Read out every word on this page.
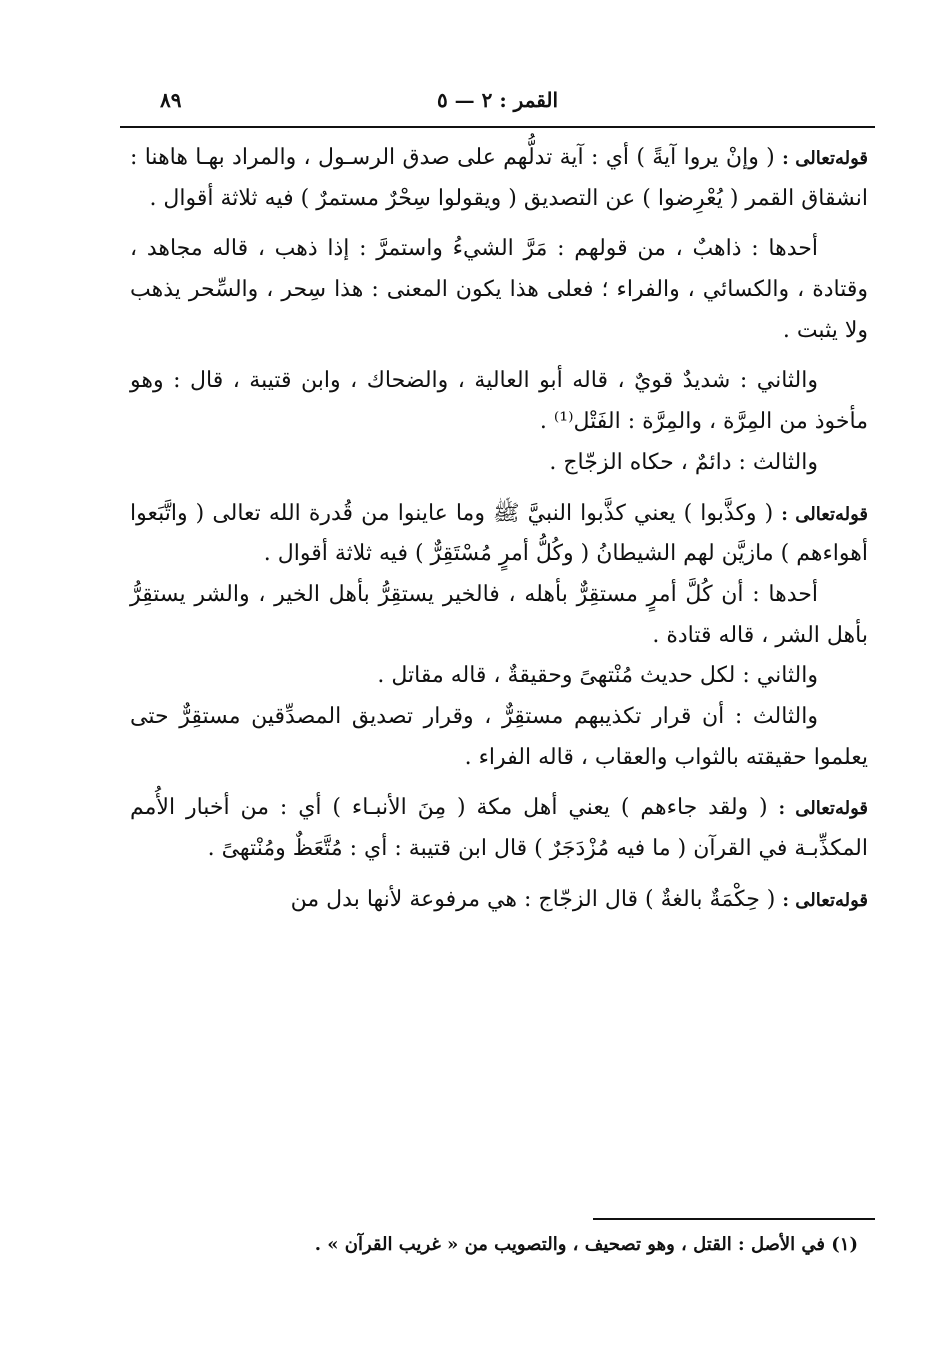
٨٩	القمر : ٢ — ٥

قوله‌تعالى : ( وإنْ يروا آيةً ) أي : آية تدلُّهم على صدق الرسـول ، والمراد بهـا هاهنا : انشقاق القمر ( يُعْرِضوا ) عن التصديق ( ويقولوا سِحْرٌ مستمرٌ ) فيه ثلاثة أقوال .

أحدها : ذاهبٌ ، من قولهم : مَرَّ الشيءُ واستمرَّ : إذا ذهب ، قاله مجاهد ، وقتادة ، والكسائي ، والفراء ؛ فعلى هذا يكون المعنى : هذا سِحر ، والسِّحر يذهب ولا يثبت .

والثاني : شديدٌ قويٌ ، قاله أبو العالية ، والضحاك ، وابن قتيبة ، قال : وهو مأخوذ من المِرَّة ، والمِرَّة : الفَتْل⁽¹⁾ .

والثالث : دائمٌ ، حكاه الزجّاج .

قوله‌تعالى : ( وكذَّبوا ) يعني كذَّبوا النبيَّ ﷺ وما عاينوا من قُدرة الله تعالى ( واتَّبَعوا أهواءهم ) مازيَّن لهم الشيطانُ ( وكُلُّ أمرٍ مُسْتَقِرٌّ ) فيه ثلاثة أقوال .

أحدها : أن كُلَّ أمرٍ مستقِرٌّ بأهله ، فالخير يستقِرُّ بأهل الخير ، والشر يستقِرُّ بأهل الشر ، قاله قتادة .

والثاني : لكل حديث مُنْتهىً وحقيقةٌ ، قاله مقاتل .

والثالث : أن قرار تكذيبهم مستقِرٌّ ، وقرار تصديق المصدِّقين مستقِرٌّ حتى يعلموا حقيقته بالثواب والعقاب ، قاله الفراء .

قوله‌تعالى : ( ولقد جاءهم ) يعني أهل مكة ( مِنَ الأنبـاء ) أي : من أخبار الأُمم المكذِّبـة في القرآن ( ما فيه مُزْدَجَرٌ ) قال ابن قتيبة : أي : مُتَّعَظٌ ومُنْتهىً .

قوله‌تعالى : ( حِكْمَةٌ بالغةٌ ) قال الزجّاج : هي مرفوعة لأنها بدل من

(١) في الأصل : القتل ، وهو تصحيف ، والتصويب من « غريب القرآن » .
